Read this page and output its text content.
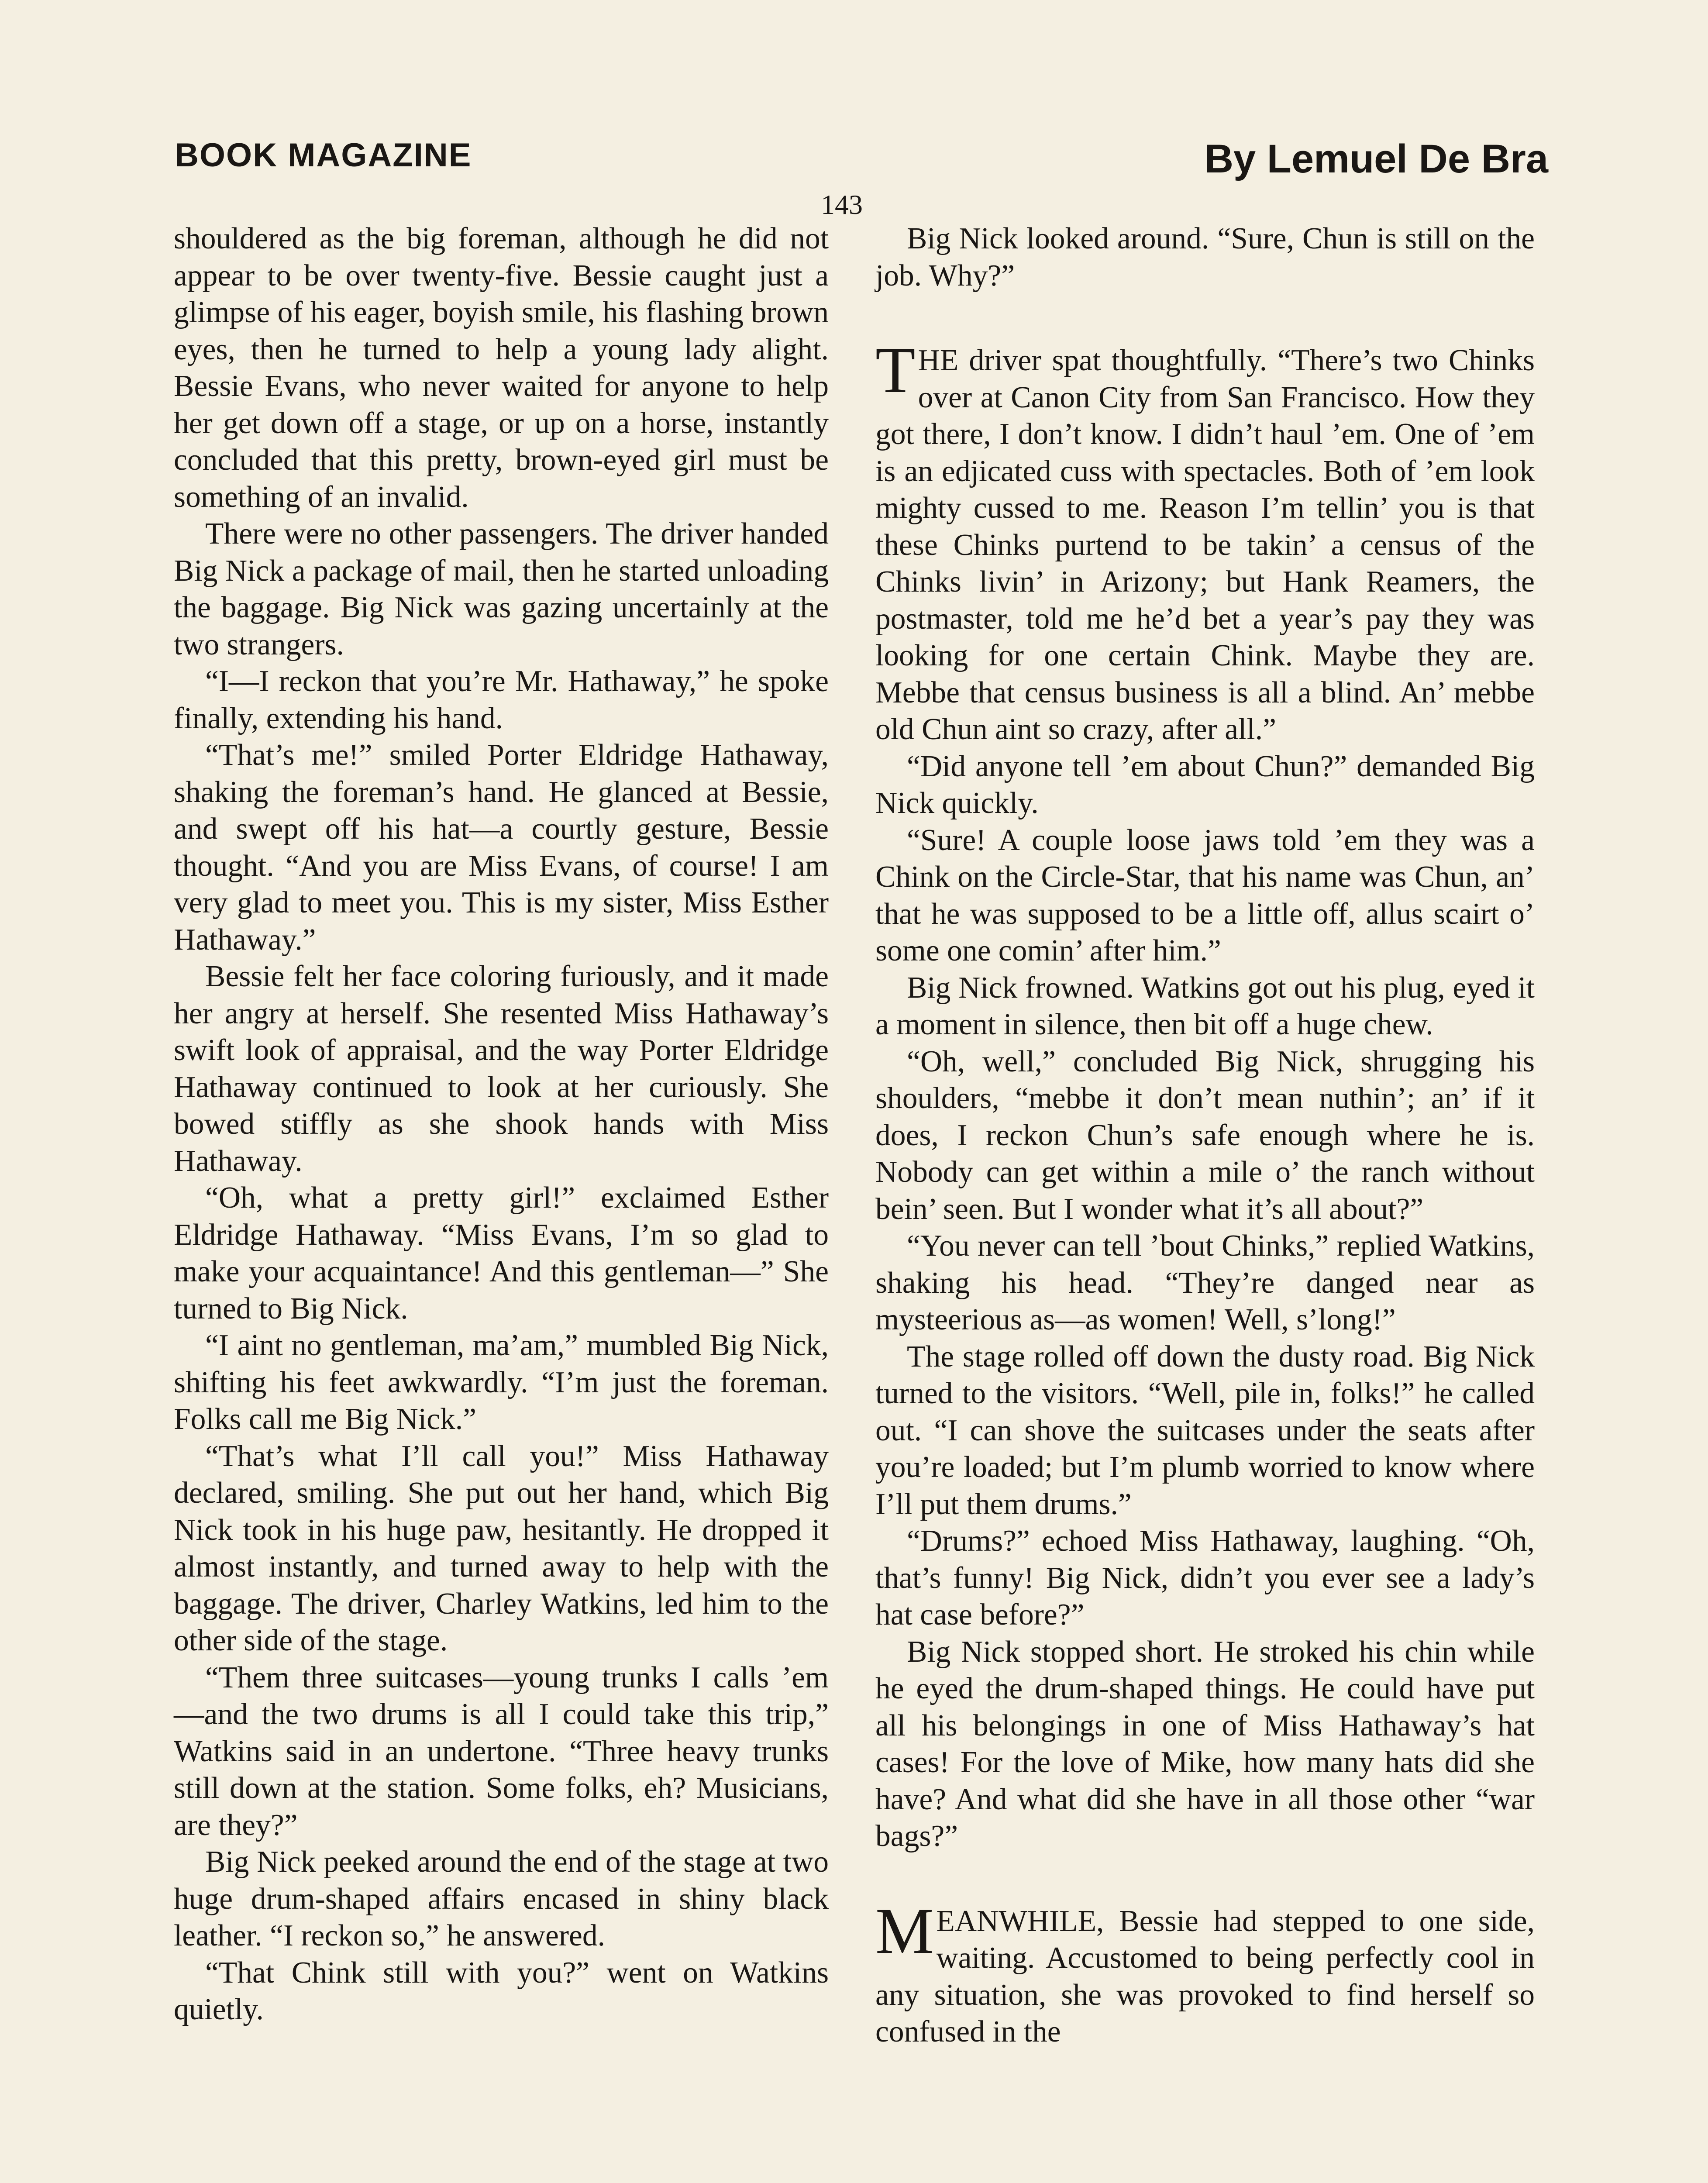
BOOK MAGAZINE	By Lemuel De Bra
143

shouldered as the big foreman, although he did not appear to be over twenty-five. Bessie caught just a glimpse of his eager, boyish smile, his flashing brown eyes, then he turned to help a young lady alight. Bessie Evans, who never waited for anyone to help her get down off a stage, or up on a horse, instantly concluded that this pretty, brown-eyed girl must be something of an invalid.

There were no other passengers. The driver handed Big Nick a package of mail, then he started unloading the baggage. Big Nick was gazing uncertainly at the two strangers.

“I—I reckon that you’re Mr. Hathaway,” he spoke finally, extending his hand.

“That’s me!” smiled Porter Eldridge Hathaway, shaking the foreman’s hand. He glanced at Bessie, and swept off his hat—a courtly gesture, Bessie thought. “And you are Miss Evans, of course! I am very glad to meet you. This is my sister, Miss Esther Hathaway.”

Bessie felt her face coloring furiously, and it made her angry at herself. She resented Miss Hathaway’s swift look of appraisal, and the way Porter Eldridge Hathaway continued to look at her curiously. She bowed stiffly as she shook hands with Miss Hathaway.

“Oh, what a pretty girl!” exclaimed Esther Eldridge Hathaway. “Miss Evans, I’m so glad to make your acquaintance! And this gentleman—” She turned to Big Nick.

“I aint no gentleman, ma’am,” mumbled Big Nick, shifting his feet awkwardly. “I’m just the foreman. Folks call me Big Nick.”

“That’s what I’ll call you!” Miss Hathaway declared, smiling. She put out her hand, which Big Nick took in his huge paw, hesitantly. He dropped it almost instantly, and turned away to help with the baggage. The driver, Charley Watkins, led him to the other side of the stage.

“Them three suitcases—young trunks I calls ’em—and the two drums is all I could take this trip,” Watkins said in an undertone. “Three heavy trunks still down at the station. Some folks, eh? Musicians, are they?”

Big Nick peeked around the end of the stage at two huge drum-shaped affairs encased in shiny black leather. “I reckon so,” he answered.

“That Chink still with you?” went on Watkins quietly.

Big Nick looked around. “Sure, Chun is still on the job. Why?”

THE driver spat thoughtfully. “There’s two Chinks over at Canon City from San Francisco. How they got there, I don’t know. I didn’t haul ’em. One of ’em is an edjicated cuss with spectacles. Both of ’em look mighty cussed to me. Reason I’m tellin’ you is that these Chinks purtend to be takin’ a census of the Chinks livin’ in Arizony; but Hank Reamers, the postmaster, told me he’d bet a year’s pay they was looking for one certain Chink. Maybe they are. Mebbe that census business is all a blind. An’ mebbe old Chun aint so crazy, after all.”

“Did anyone tell ’em about Chun?” demanded Big Nick quickly.

“Sure! A couple loose jaws told ’em they was a Chink on the Circle-Star, that his name was Chun, an’ that he was supposed to be a little off, allus scairt o’ some one comin’ after him.”

Big Nick frowned. Watkins got out his plug, eyed it a moment in silence, then bit off a huge chew.

“Oh, well,” concluded Big Nick, shrugging his shoulders, “mebbe it don’t mean nuthin’; an’ if it does, I reckon Chun’s safe enough where he is. Nobody can get within a mile o’ the ranch without bein’ seen. But I wonder what it’s all about?”

“You never can tell ’bout Chinks,” replied Watkins, shaking his head. “They’re danged near as mysteerious as—as women! Well, s’long!”

The stage rolled off down the dusty road. Big Nick turned to the visitors. “Well, pile in, folks!” he called out. “I can shove the suitcases under the seats after you’re loaded; but I’m plumb worried to know where I’ll put them drums.”

“Drums?” echoed Miss Hathaway, laughing. “Oh, that’s funny! Big Nick, didn’t you ever see a lady’s hat case before?”

Big Nick stopped short. He stroked his chin while he eyed the drum-shaped things. He could have put all his belongings in one of Miss Hathaway’s hat cases! For the love of Mike, how many hats did she have? And what did she have in all those other “war bags?”

MEANWHILE, Bessie had stepped to one side, waiting. Accustomed to being perfectly cool in any situation, she was provoked to find herself so confused in the
